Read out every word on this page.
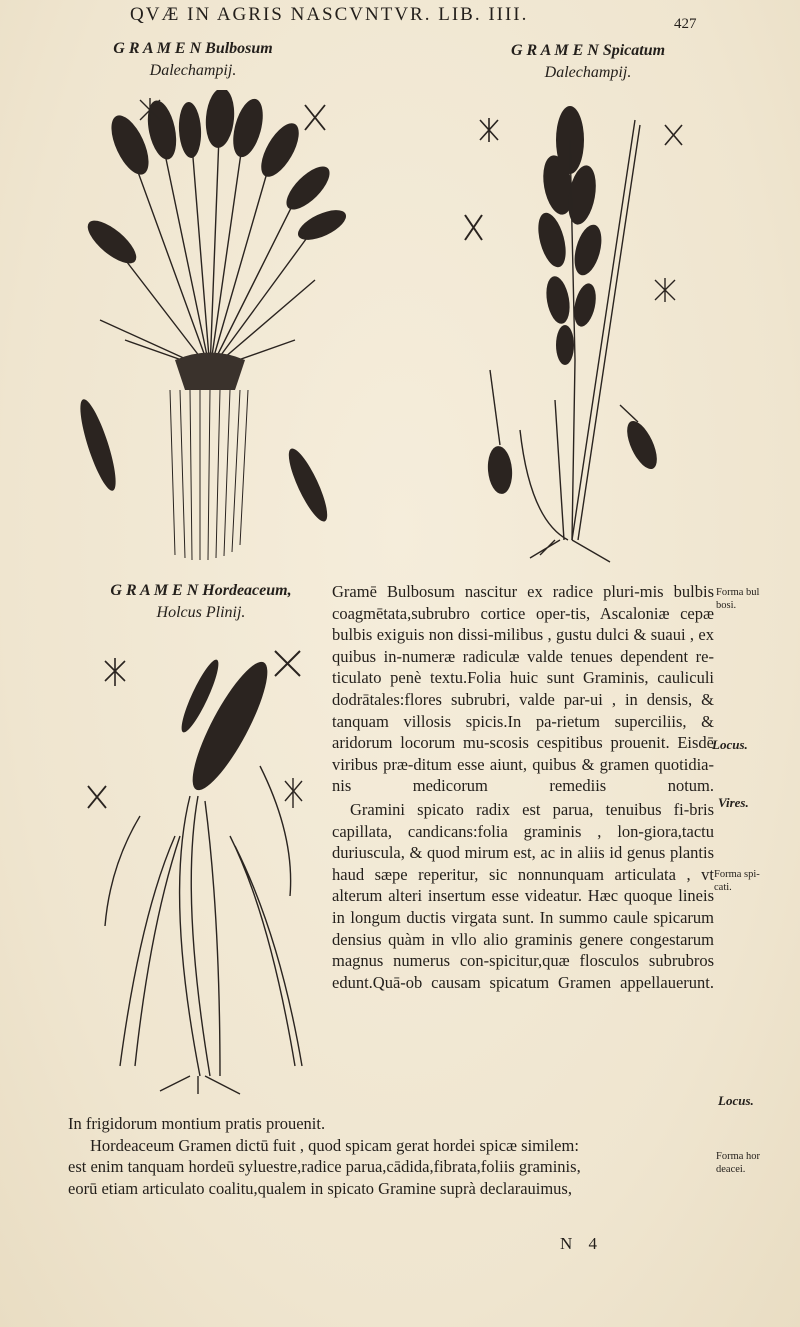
QVÆ IN AGRIS NASCVNTVR. LIB. IIII.	427
G R A M E N Bulbosum
Dalechampij.
G R A M E N Spicatum
Dalechampij.
G R A M E N Hordeaceum,
Holcus Plinij.

Gramē Bulbosum nascitur ex radice pluri-mis bulbis coagmētata,subrubro cortice oper-tis, Ascaloniæ cepæ bulbis exiguis non dissi-milibus , gustu dulci & suaui , ex quibus in-numeræ radiculæ valde tenues dependent re-ticulato penè textu.Folia huic sunt Graminis, cauliculi dodrātales:flores subrubri, valde par-ui , in densis, & tanquam villosis spicis.In pa-rietum superciliis, & aridorum locorum mu-scosis cespitibus prouenit. Eisdē viribus præ-ditum esse aiunt, quibus & gramen quotidia-nis medicorum remediis notum.

Gramini spicato radix est parua, tenuibus fi-bris capillata, candicans:folia graminis , lon-giora,tactu duriuscula, & quod mirum est, ac in aliis id genus plantis haud sæpe reperitur, sic nonnunquam articulata , vt alterum alteri insertum esse videatur. Hæc quoque lineis in longum ductis virgata sunt. In summo caule spicarum densius quàm in vllo alio graminis genere congestarum magnus numerus con-spicitur,quæ flosculos subrubros edunt.Quā-ob causam spicatum Gramen appellauerunt.

In frigidorum montium pratis prouenit.

Hordeaceum Gramen dictū fuit , quod spicam gerat hordei spicæ similem:

est enim tanquam hordeū syluestre,radice parua,cādida,fibrata,foliis graminis,

eorū etiam articulato coalitu,qualem in spicato Gramine suprà declarauimus,

Forma bul
bosi.
Locus.
Vires.
Forma spi-
cati.
Locus.
Forma hor
deacei.
N 4
